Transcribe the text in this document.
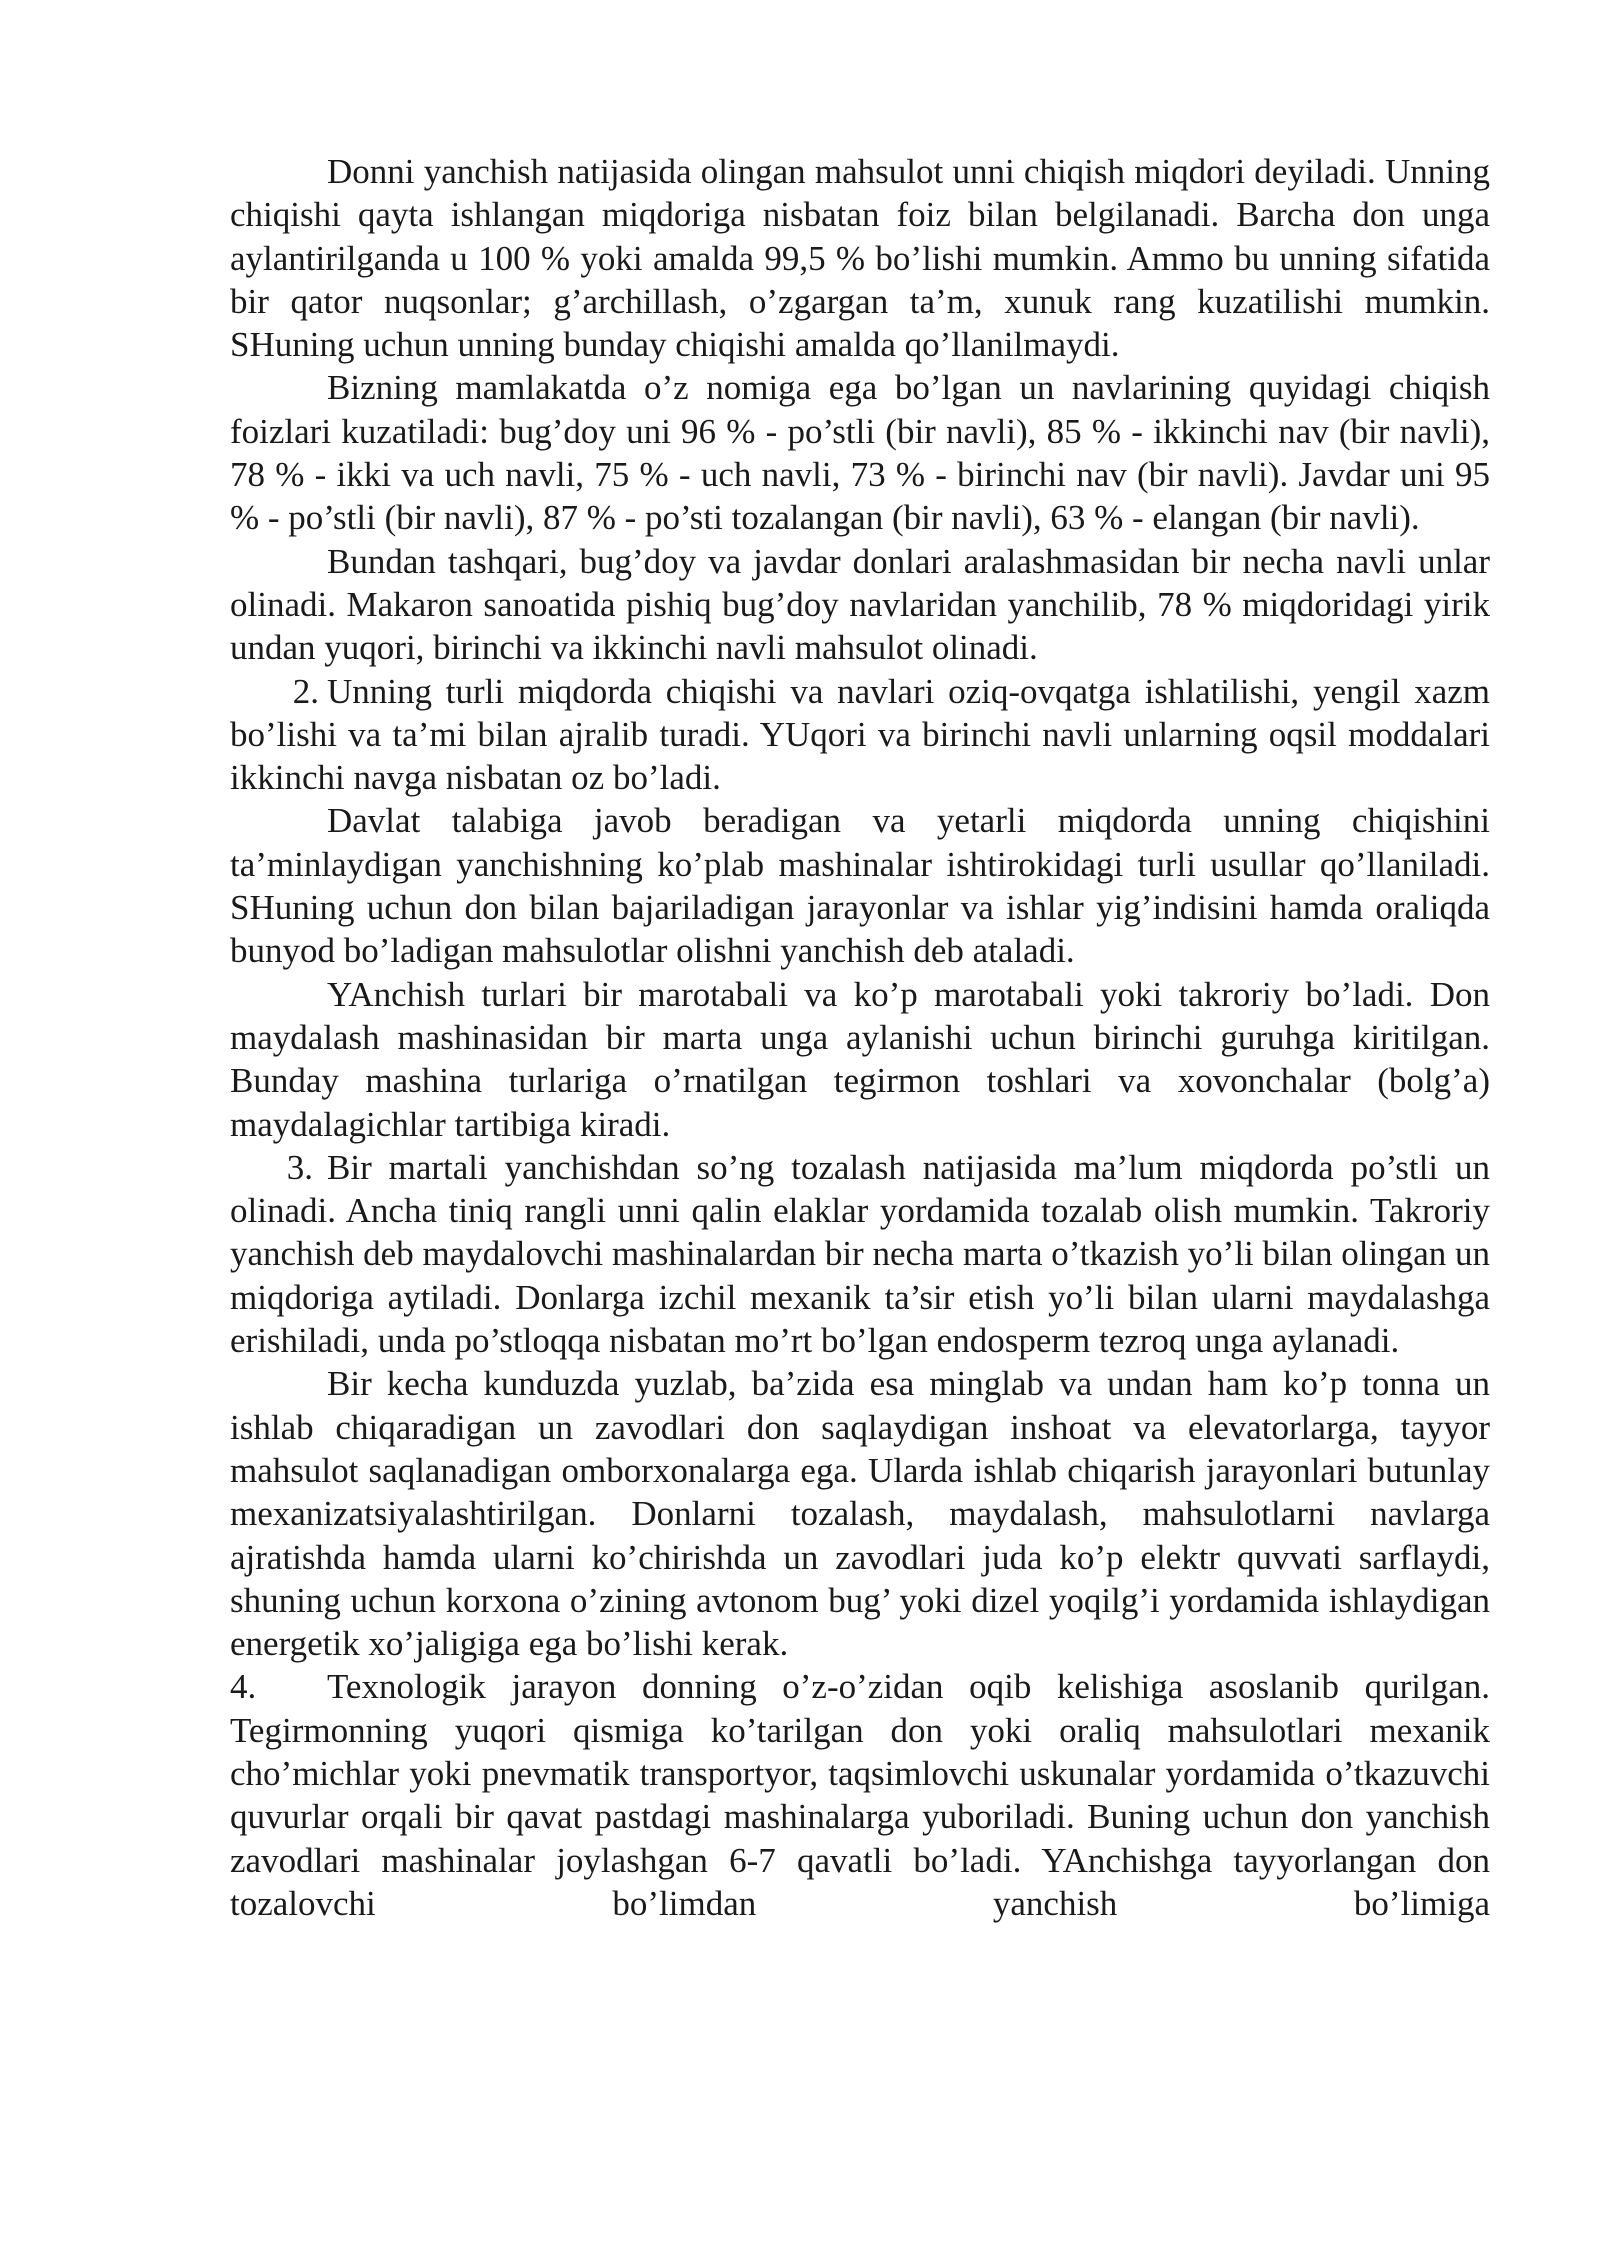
Donni yanchish natijasida olingan mahsulot unni chiqish miqdori deyiladi. Unning chiqishi qayta ishlangan miqdoriga nisbatan foiz bilan belgilanadi. Barcha don unga aylantirilganda u 100 % yoki amalda 99,5 % bo’lishi mumkin. Ammo bu unning sifatida bir qator nuqsonlar; g’archillash, o’zgargan ta’m, xunuk rang kuzatilishi mumkin. SHuning uchun unning bunday chiqishi amalda qo’llanilmaydi.

Bizning mamlakatda o’z nomiga ega bo’lgan un navlarining quyidagi chiqish foizlari kuzatiladi: bug’doy uni 96 % - po’stli (bir navli), 85 % - ikkinchi nav (bir navli), 78 % - ikki va uch navli, 75 % - uch navli, 73 % - birinchi nav (bir navli). Javdar uni 95 % - po’stli (bir navli), 87 % - po’sti tozalangan (bir navli), 63 % - elangan (bir navli).

Bundan tashqari, bug’doy va javdar donlari aralashmasidan bir necha navli unlar olinadi. Makaron sanoatida pishiq bug’doy navlaridan yanchilib, 78 % miqdoridagi yirik undan yuqori, birinchi va ikkinchi navli mahsulot olinadi.

2. Unning turli miqdorda chiqishi va navlari oziq-ovqatga ishlatilishi, yengil xazm bo’lishi va ta’mi bilan ajralib turadi. YUqori va birinchi navli unlarning oqsil moddalari ikkinchi navga nisbatan oz bo’ladi.

Davlat talabiga javob beradigan va yetarli miqdorda unning chiqishini ta’minlaydigan yanchishning ko’plab mashinalar ishtirokidagi turli usullar qo’llaniladi. SHuning uchun don bilan bajariladigan jarayonlar va ishlar yig’indisini hamda oraliqda bunyod bo’ladigan mahsulotlar olishni yanchish deb ataladi.

YAnchish turlari bir marotabali va ko’p marotabali yoki takroriy bo’ladi. Don maydalash mashinasidan bir marta unga aylanishi uchun birinchi guruhga kiritilgan. Bunday mashina turlariga o’rnatilgan tegirmon toshlari va xovonchalar (bolg’a) maydalagichlar tartibiga kiradi.

3. Bir martali yanchishdan so’ng tozalash natijasida ma’lum miqdorda po’stli un olinadi. Ancha tiniq rangli unni qalin elaklar yordamida tozalab olish mumkin. Takroriy yanchish deb maydalovchi mashinalardan bir necha marta o’tkazish yo’li bilan olingan un miqdoriga aytiladi. Donlarga izchil mexanik ta’sir etish yo’li bilan ularni maydalashga erishiladi, unda po’stloqqa nisbatan mo’rt bo’lgan endosperm tezroq unga aylanadi.

Bir kecha kunduzda yuzlab, ba’zida esa minglab va undan ham ko’p tonna un ishlab chiqaradigan un zavodlari don saqlaydigan inshoat va elevatorlarga, tayyor mahsulot saqlanadigan omborxonalarga ega. Ularda ishlab chiqarish jarayonlari butunlay mexanizatsiyalashtirilgan. Donlarni tozalash, maydalash, mahsulotlarni navlarga ajratishda hamda ularni ko’chirishda un zavodlari juda ko’p elektr quvvati sarflaydi, shuning uchun korxona o’zining avtonom bug’ yoki dizel yoqilg’i yordamida ishlaydigan energetik xo’jaligiga ega bo’lishi kerak.

4. Texnologik jarayon donning o’z-o’zidan oqib kelishiga asoslanib qurilgan. Tegirmonning yuqori qismiga ko’tarilgan don yoki oraliq mahsulotlari mexanik cho’michlar yoki pnevmatik transportyor, taqsimlovchi uskunalar yordamida o’tkazuvchi quvurlar orqali bir qavat pastdagi mashinalarga yuboriladi. Buning uchun don yanchish zavodlari mashinalar joylashgan 6-7 qavatli bo’ladi. YAnchishga tayyorlangan don tozalovchi bo’limdan yanchish bo’limiga
